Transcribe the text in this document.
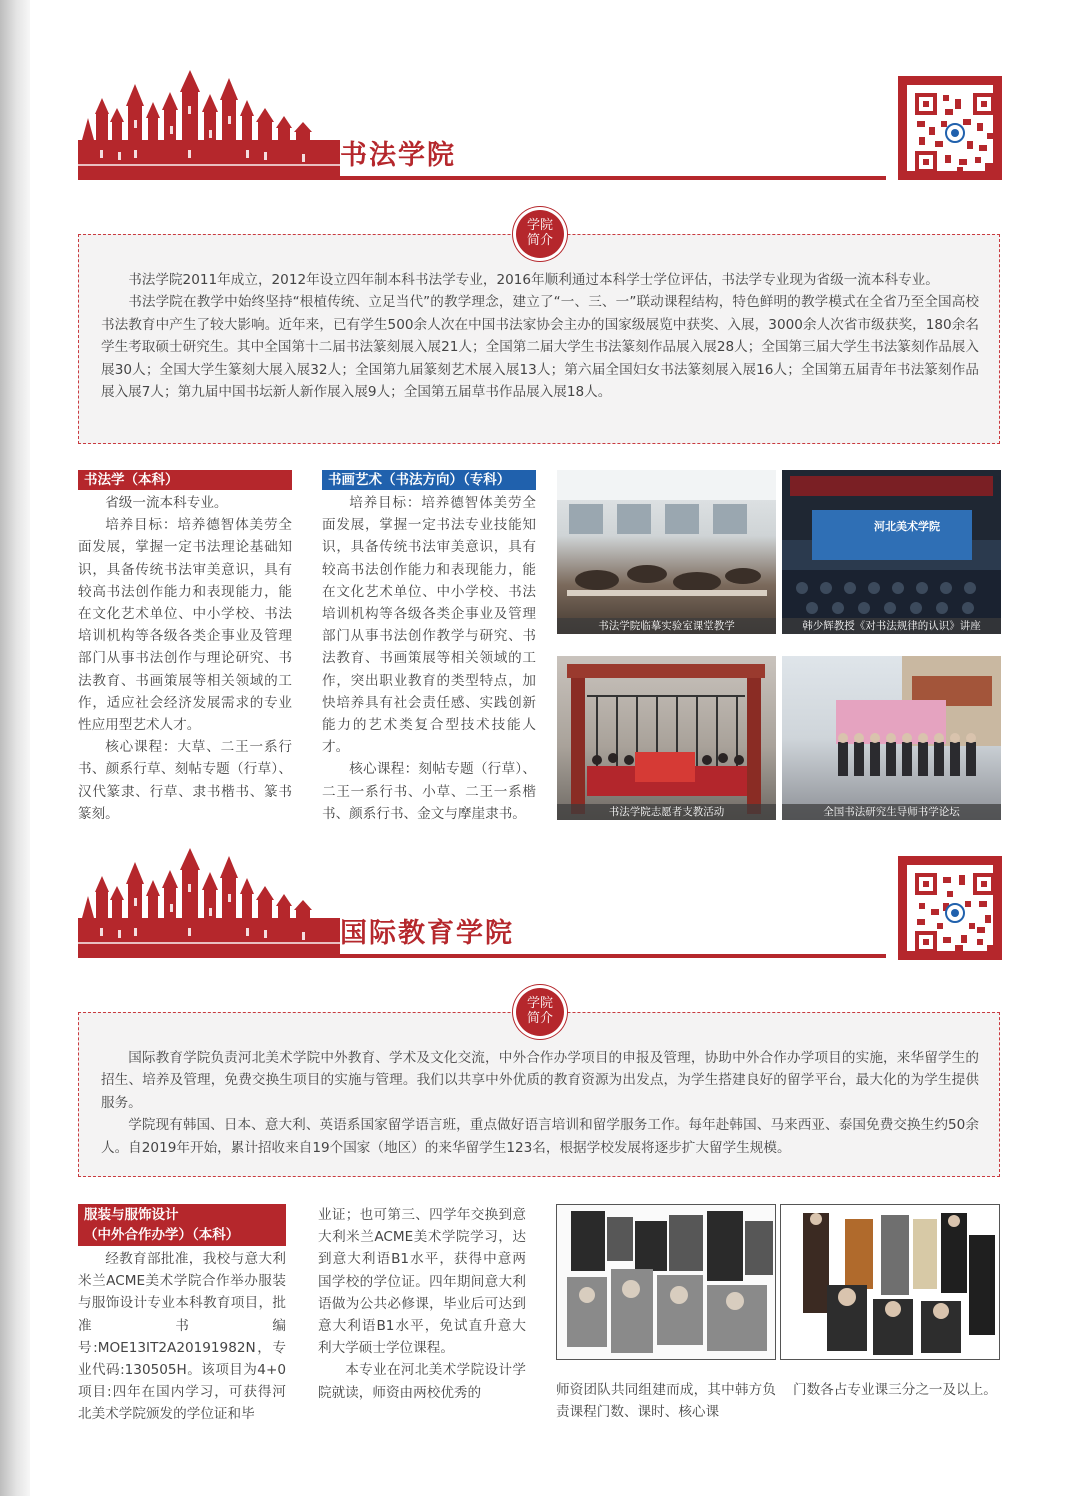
书法学院

书法学院2011年成立，2012年设立四年制本科书法学专业，2016年顺利通过本科学士学位评估，书法学专业现为省级一流本科专业。

书法学院在教学中始终坚持“根植传统、立足当代”的教学理念，建立了“一、三、一”联动课程结构，特色鲜明的教学模式在全省乃至全国高校书法教育中产生了较大影响。近年来，已有学生500余人次在中国书法家协会主办的国家级展览中获奖、入展，3000余人次省市级获奖，180余名学生考取硕士研究生。其中全国第十二届书法篆刻展入展21人；全国第二届大学生书法篆刻作品展入展28人；全国第三届大学生书法篆刻作品展入展30人；全国大学生篆刻大展入展32人；全国第九届篆刻艺术展入展13人；第六届全国妇女书法篆刻展入展16人；全国第五届青年书法篆刻作品展入展7人；第九届中国书坛新人新作展入展9人；全国第五届草书作品展入展18人。

学院
简介
书法学（本科）

省级一流本科专业。

培养目标：培养德智体美劳全面发展，掌握一定书法理论基础知识，具备传统书法审美意识，具有较高书法创作能力和表现能力，能在文化艺术单位、中小学校、书法培训机构等各级各类企事业及管理部门从事书法创作与理论研究、书法教育、书画策展等相关领域的工作，适应社会经济发展需求的专业性应用型艺术人才。

核心课程：大草、二王一系行书、颜系行草、刻帖专题（行草）、汉代篆隶、行草、隶书楷书、篆书篆刻。

书画艺术（书法方向）（专科）

培养目标：培养德智体美劳全面发展，掌握一定书法专业技能知识，具备传统书法审美意识，具有较高书法创作能力和表现能力，能在文化艺术单位、中小学校、书法培训机构等各级各类企事业及管理部门从事书法创作教学与研究、书法教育、书画策展等相关领域的工作，突出职业教育的类型特点，加快培养具有社会责任感、实践创新能力的艺术类复合型技术技能人才。

核心课程：刻帖专题（行草）、二王一系行书、小草、二王一系楷书、颜系行书、金文与摩崖隶书。

书法学院临摹实验室课堂教学
河北美术学院
韩少辉教授《对书法规律的认识》讲座
书法学院志愿者支教活动	全国书法研究生导师书学论坛
国际教育学院

国际教育学院负责河北美术学院中外教育、学术及文化交流，中外合作办学项目的申报及管理，协助中外合作办学项目的实施，来华留学生的招生、培养及管理，免费交换生项目的实施与管理。我们以共享中外优质的教育资源为出发点，为学生搭建良好的留学平台，最大化的为学生提供服务。

学院现有韩国、日本、意大利、英语系国家留学语言班，重点做好语言培训和留学服务工作。每年赴韩国、马来西亚、泰国免费交换生约50余人。自2019年开始，累计招收来自19个国家（地区）的来华留学生123名，根据学校发展将逐步扩大留学生规模。

学院
简介
服装与服饰设计
（中外合作办学）（本科）

经教育部批准，我校与意大利米兰ACME美术学院合作举办服装与服饰设计专业本科教育项目，批准书编号:MOE13IT2A20191982N，专业代码:130505H。该项目为4+0项目:四年在国内学习，可获得河北美术学院颁发的学位证和毕

业证；也可第三、四学年交换到意大利米兰ACME美术学院学习，达到意大利语B1水平，获得中意两国学校的学位证。四年期间意大利语做为公共必修课，毕业后可达到意大利语B1水平，免试直升意大利大学硕士学位课程。

本专业在河北美术学院设计学院就读，师资由两校优秀的	师资团队共同组建而成，其中韩方负责课程门数、课时、核心课

门数各占专业课三分之一及以上。
